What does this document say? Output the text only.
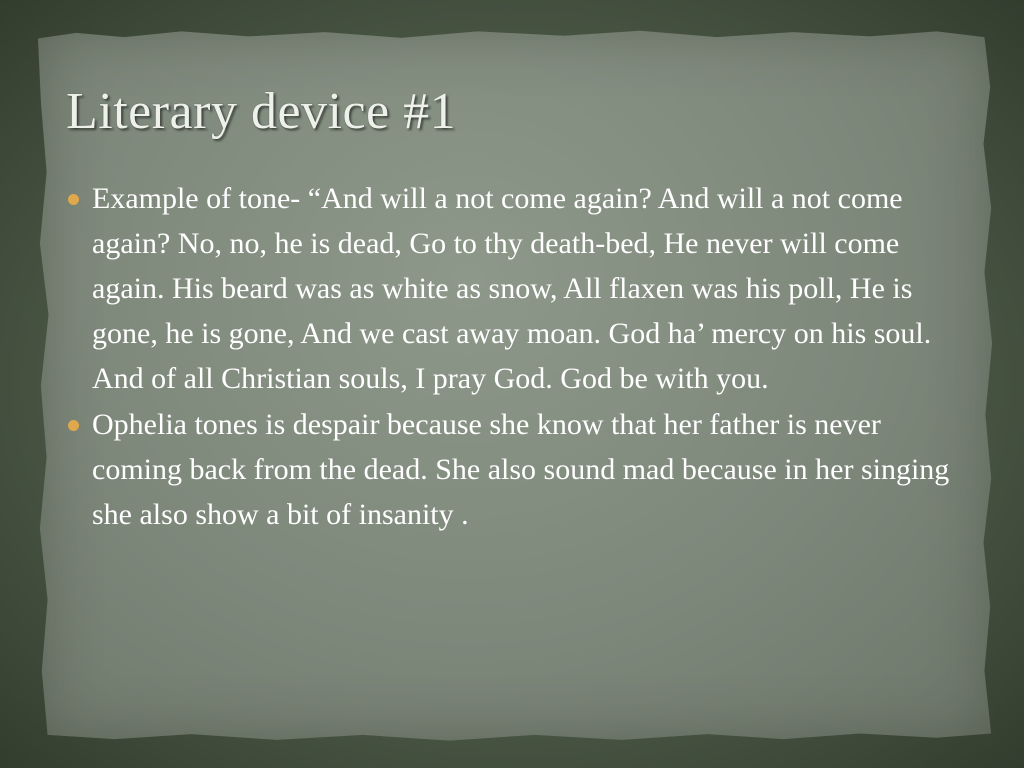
Literary device #1
Example of tone- “And will a not come again? And will a not come again? No, no, he is dead, Go to thy death-bed, He never will come again. His beard was as white as snow, All flaxen was his poll, He is gone, he is gone, And we cast away moan. God ha’ mercy on his soul. And of all Christian souls, I pray God. God be with you.
Ophelia tones is despair because she know that her father is never coming back from the dead. She also sound mad because in her singing she also show a bit of insanity .
